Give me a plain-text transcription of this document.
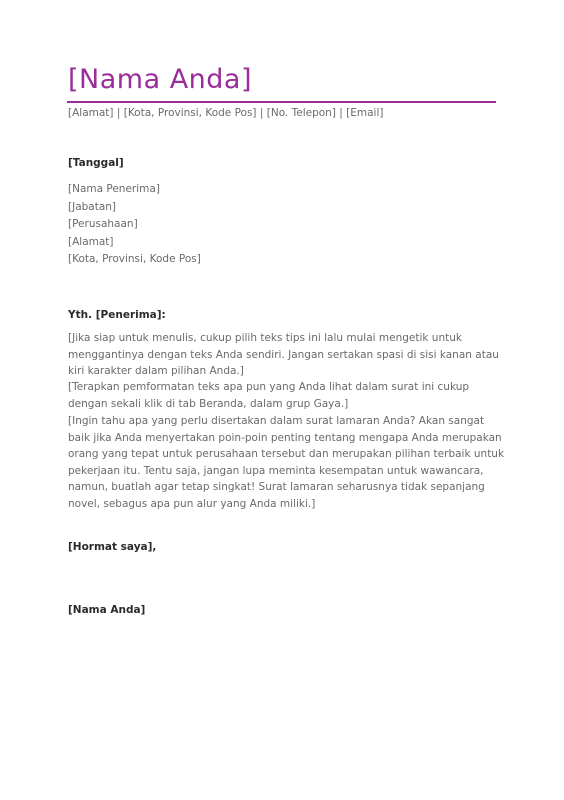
[Nama Anda]
[Alamat] | [Kota, Provinsi, Kode Pos] | [No. Telepon] | [Email]
[Tanggal]
[Nama Penerima]
[Jabatan]
[Perusahaan]
[Alamat]
[Kota, Provinsi, Kode Pos]
Yth. [Penerima]:
[Jika siap untuk menulis, cukup pilih teks tips ini lalu mulai mengetik untuk menggantinya dengan teks Anda sendiri. Jangan sertakan spasi di sisi kanan atau kiri karakter dalam pilihan Anda.]
[Terapkan pemformatan teks apa pun yang Anda lihat dalam surat ini cukup dengan sekali klik di tab Beranda, dalam grup Gaya.]
[Ingin tahu apa yang perlu disertakan dalam surat lamaran Anda? Akan sangat baik jika Anda menyertakan poin-poin penting tentang mengapa Anda merupakan orang yang tepat untuk perusahaan tersebut dan merupakan pilihan terbaik untuk pekerjaan itu. Tentu saja, jangan lupa meminta kesempatan untuk wawancara, namun, buatlah agar tetap singkat! Surat lamaran seharusnya tidak sepanjang novel, sebagus apa pun alur yang Anda miliki.]
[Hormat saya],
[Nama Anda]
